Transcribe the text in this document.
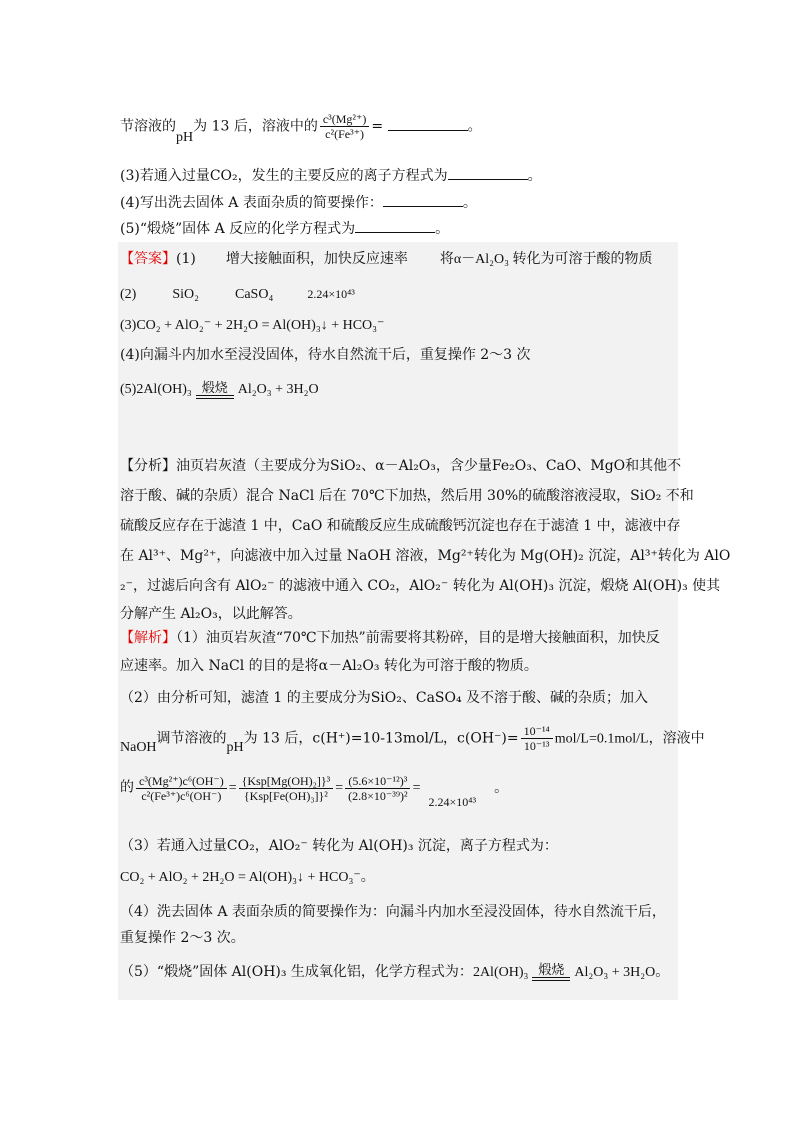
节溶液的pH为 13 后，溶液中的 $\frac{\text{c³(Mg²⁺)}}{\text{c²(Fe³⁺)}}$ =	。
(3)若通入过量CO₂，发生的主要反应的离子方程式为	。
(4)写出洗去固体 A 表面杂质的简要操作：	。
(5)“煅烧”固体 A 反应的化学方程式为	。
【答案】(1) 增大接触面积，加快反应速率 将α－Al₂O₃ 转化为可溶于酸的物质
(2)	SiO₂	CaSO₄	2.24×10⁴³
(3)CO₂ + AlO₂⁻ + 2H₂O = Al(OH)₃↓ + HCO₃⁻
(4)向漏斗内加水至浸没固体，待水自然流干后，重复操作 2～3 次
(5)2Al(OH)₃ 煅烧 Al₂O₃ + 3H₂O
【分析】油页岩灰渣（主要成分为SiO₂、α－Al₂O₃，含少量Fe₂O₃、CaO、MgO和其他不
溶于酸、碱的杂质）混合 NaCl 后在 70℃下加热，然后用 30%的硫酸溶液浸取，SiO₂ 不和
硫酸反应存在于滤渣 1 中，CaO 和硫酸反应生成硫酸钙沉淀也存在于滤渣 1 中，滤液中存
在 Al³⁺、Mg²⁺，向滤液中加入过量 NaOH 溶液，Mg²⁺转化为 Mg(OH)₂ 沉淀，Al³⁺转化为 AlO
₂⁻，过滤后向含有 AlO₂⁻ 的滤液中通入 CO₂，AlO₂⁻ 转化为 Al(OH)₃ 沉淀，煅烧 Al(OH)₃ 使其
分解产生 Al₂O₃，以此解答。
【解析】（1）油页岩灰渣“70℃下加热”前需要将其粉碎，目的是增大接触面积，加快反
应速率。加入 NaCl 的目的是将α－Al₂O₃ 转化为可溶于酸的物质。
（2）由分析可知，滤渣 1 的主要成分为SiO₂、CaSO₄ 及不溶于酸、碱的杂质；加入
NaOH调节溶液的pH为 13 后，c(H⁺)=10-13mol/L，$c(OH^-)= \frac{\text{10⁻¹⁴}}{\text{10⁻¹³}} mol/L=0.1mol/L$，溶液中
的 $\frac{\text{c³(Mg²⁺)c⁶(OH⁻)}}{\text{c²(Fe³⁺)c⁶(OH⁻)}} = \frac{\text{\{Ksp[Mg(OH)₂]\}³}}{\text{\{Ksp[Fe(OH)₃]\}²}} = \frac{\text{(5.6×10⁻¹²)³}}{\text{(2.8×10⁻³⁹)²}} =2.24\times 10^{43}$。
（3）若通入过量CO₂，AlO₂⁻ 转化为 Al(OH)₃ 沉淀，离子方程式为：
CO₂ + AlO₂ + 2H₂O = Al(OH)₃↓ + HCO₃⁻。
（4）洗去固体 A 表面杂质的简要操作为：向漏斗内加水至浸没固体，待水自然流干后，
重复操作 2～3 次。
（5）“煅烧”固体 Al(OH)₃ 生成氧化铝，化学方程式为：2Al(OH)₃ 煅烧 Al₂O₃ + 3H₂O。
